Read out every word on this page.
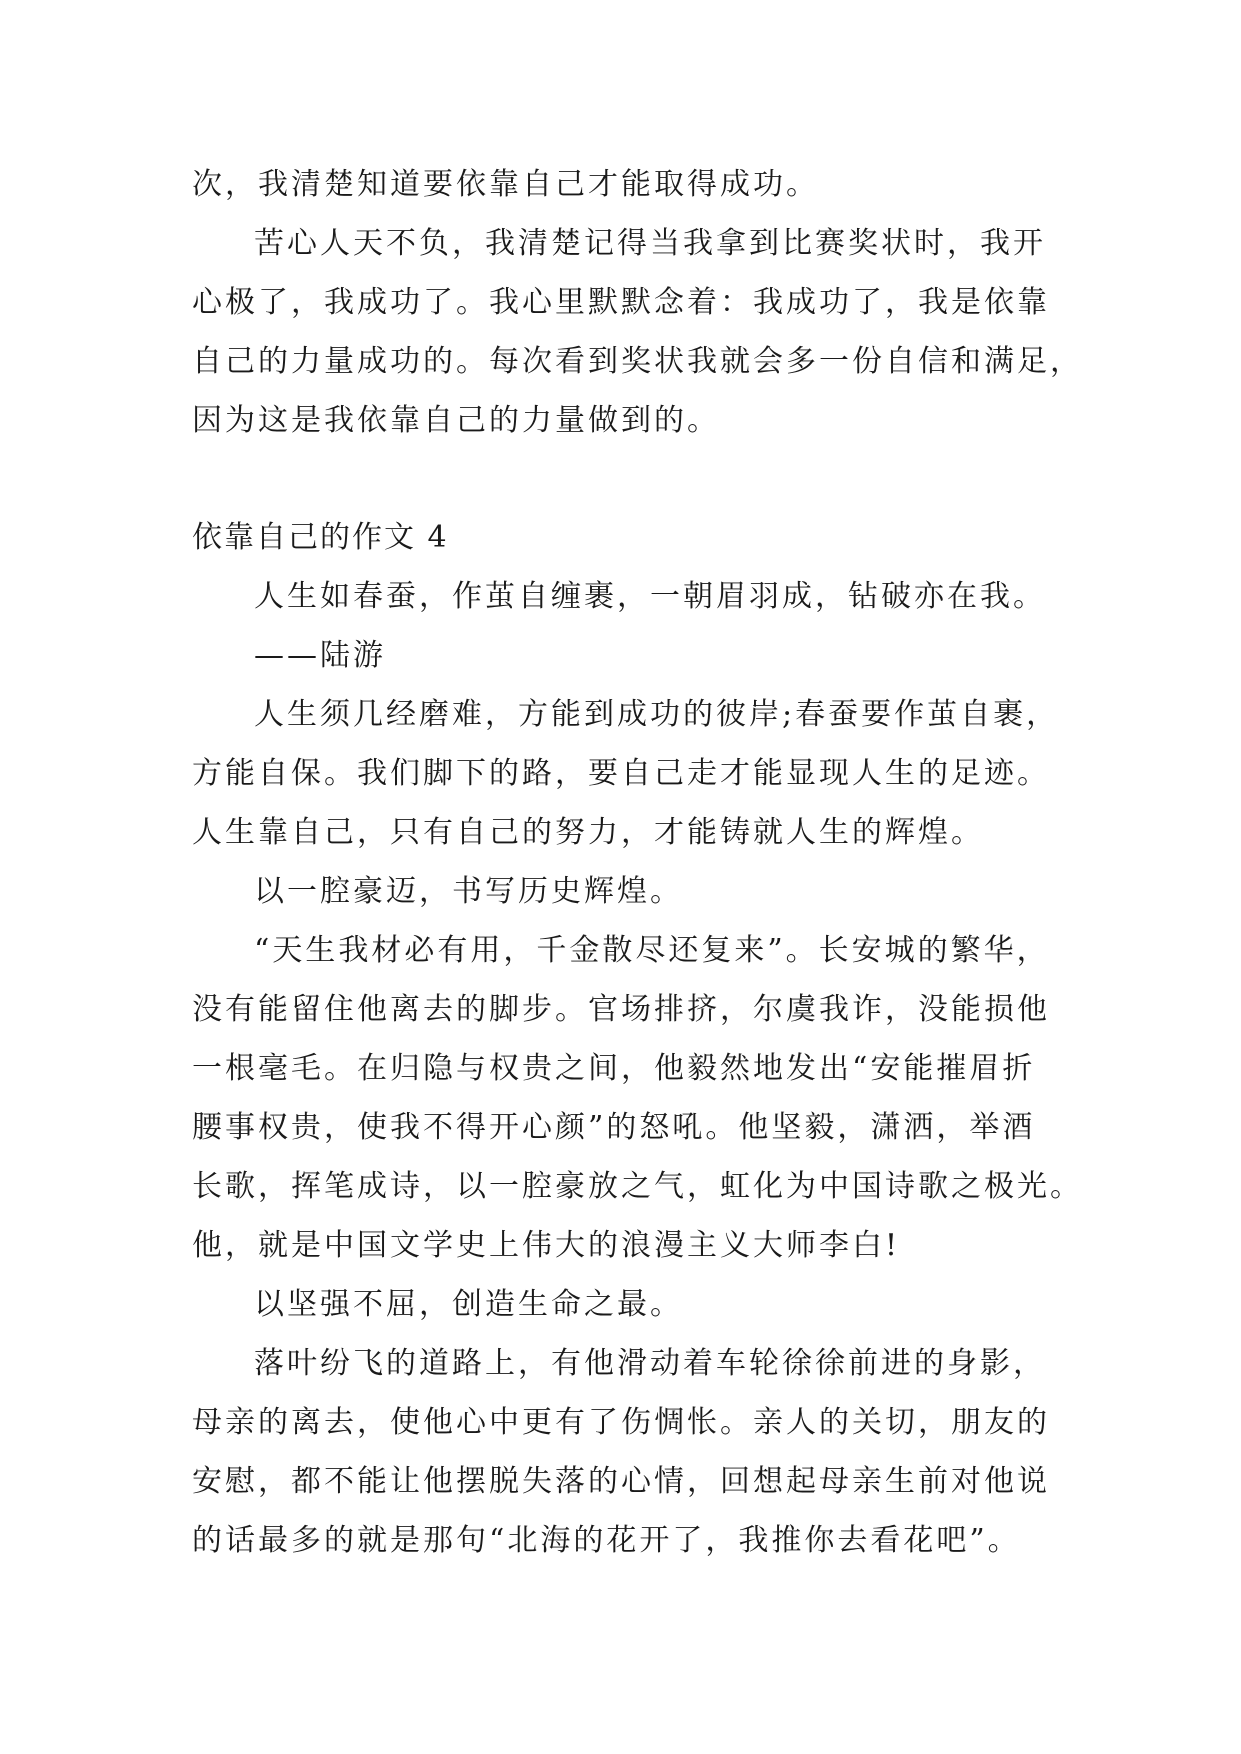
次，我清楚知道要依靠自己才能取得成功。
苦心人天不负，我清楚记得当我拿到比赛奖状时，我开
心极了，我成功了。我心里默默念着：我成功了，我是依靠
自己的力量成功的。每次看到奖状我就会多一份自信和满足，
因为这是我依靠自己的力量做到的。
依靠自己的作文 4
人生如春蚕，作茧自缠裹，一朝眉羽成，钻破亦在我。
——陆游
人生须几经磨难，方能到成功的彼岸;春蚕要作茧自裹，
方能自保。我们脚下的路，要自己走才能显现人生的足迹。
人生靠自己，只有自己的努力，才能铸就人生的辉煌。
以一腔豪迈，书写历史辉煌。
“天生我材必有用，千金散尽还复来”。长安城的繁华，
没有能留住他离去的脚步。官场排挤，尔虞我诈，没能损他
一根毫毛。在归隐与权贵之间，他毅然地发出“安能摧眉折
腰事权贵，使我不得开心颜”的怒吼。他坚毅，潇洒，举酒
长歌，挥笔成诗，以一腔豪放之气，虹化为中国诗歌之极光。
他，就是中国文学史上伟大的浪漫主义大师李白!
以坚强不屈，创造生命之最。
落叶纷飞的道路上，有他滑动着车轮徐徐前进的身影，
母亲的离去，使他心中更有了伤惆怅。亲人的关切，朋友的
安慰，都不能让他摆脱失落的心情，回想起母亲生前对他说
的话最多的就是那句“北海的花开了，我推你去看花吧”。
